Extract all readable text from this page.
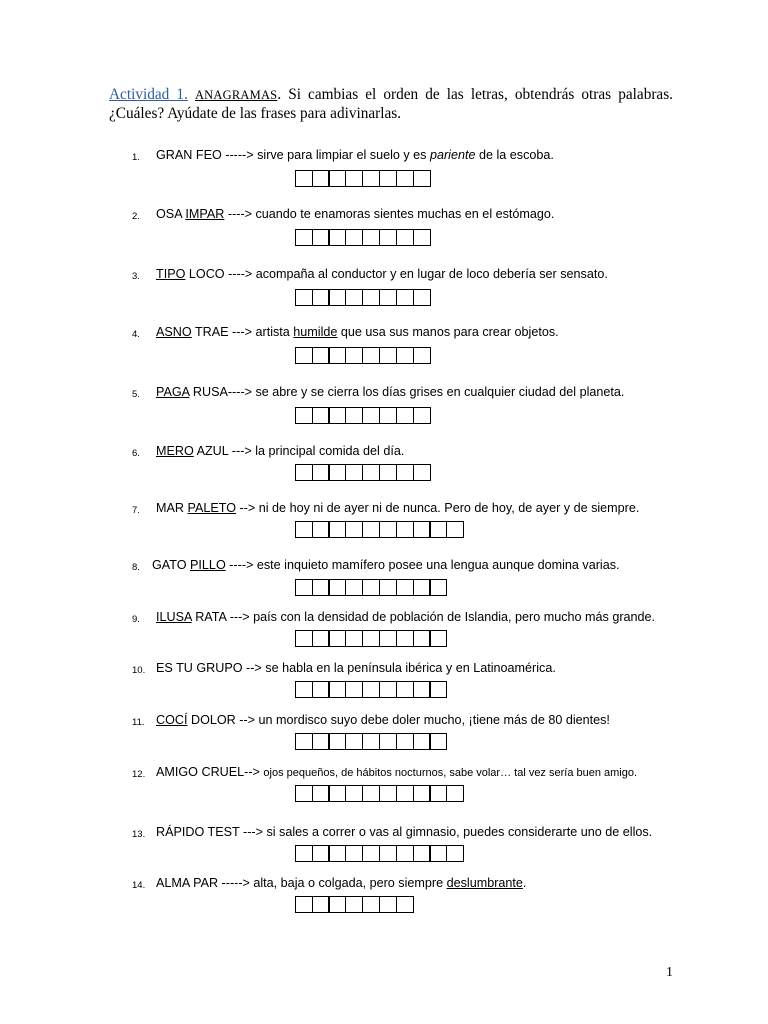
Actividad 1. ANAGRAMAS. Si cambias el orden de las letras, obtendrás otras palabras. ¿Cuáles? Ayúdate de las frases para adivinarlas.
1. GRAN FEO -----> sirve para limpiar el suelo y es pariente de la escoba.
2. OSA IMPAR ----> cuando te enamoras sientes muchas en el estómago.
3. TIPO LOCO ----> acompaña al conductor y en lugar de loco debería ser sensato.
4. ASNO TRAE ---> artista humilde que usa sus manos para crear objetos.
5. PAGA RUSA----> se abre y se cierra los días grises en cualquier ciudad del planeta.
6. MERO AZUL ---> la principal comida del día.
7. MAR PALETO --> ni de hoy ni de ayer ni de nunca. Pero de hoy, de ayer y de siempre.
8. GATO PILLO ----> este inquieto mamífero posee una lengua aunque domina varias.
9. ILUSA RATA ---> país con la densidad de población de Islandia, pero mucho más grande.
10. ES TU GRUPO --> se habla en la península ibérica y en Latinoamérica.
11. COCÍ DOLOR --> un mordisco suyo debe doler mucho, ¡tiene más de 80 dientes!
12. AMIGO CRUEL--> ojos pequeños, de hábitos nocturnos, sabe volar… tal vez sería buen amigo.
13. RÁPIDO TEST ---> si sales a correr o vas al gimnasio, puedes considerarte uno de ellos.
14. ALMA PAR -----> alta, baja o colgada, pero siempre deslumbrante.
1
